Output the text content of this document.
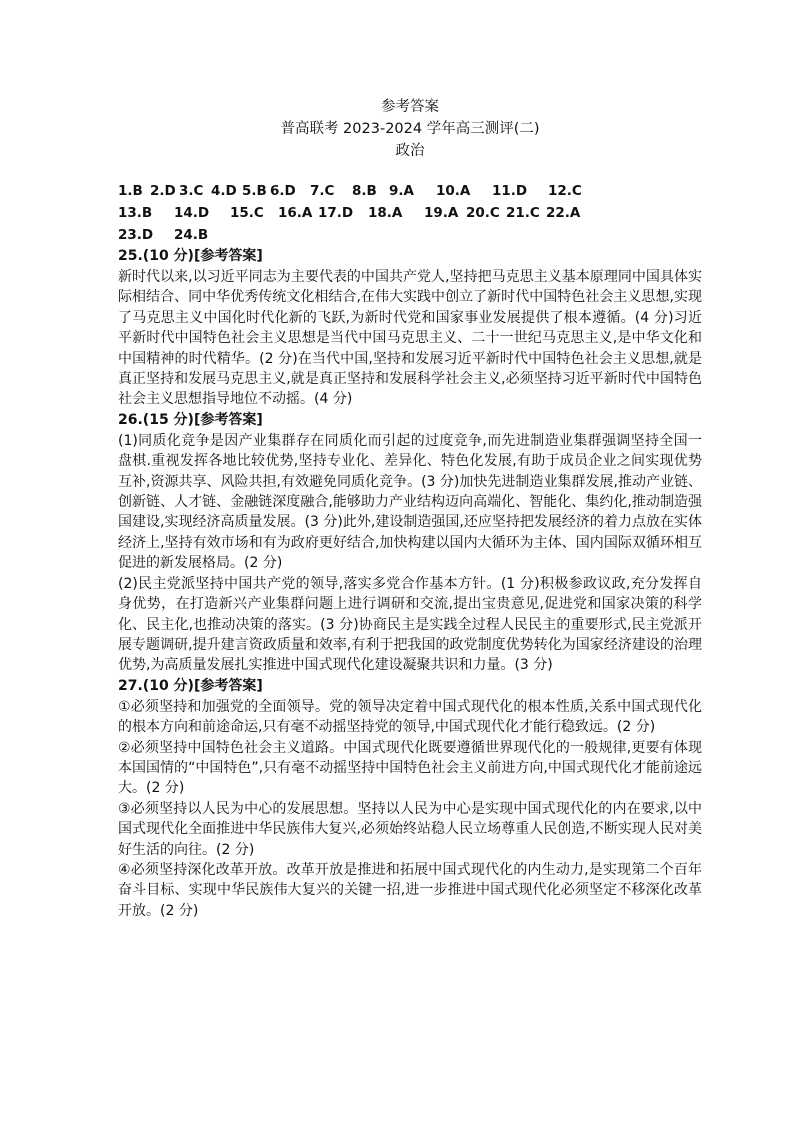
参考答案
普高联考 2023-2024 学年高三测评(二)
政治
1.B 2.D 3.C 4.D 5.B 6.D 7.C 8.B 9.A 10.A 11.D 12.C
13.B 14.D 15.C 16.A 17.D 18.A 19.A 20.C 21.C 22.A
23.D 24.B
25.(10 分)[参考答案]
新时代以来,以习近平同志为主要代表的中国共产党人,坚持把马克思主义基本原理同中国具体实际相结合、同中华优秀传统文化相结合,在伟大实践中创立了新时代中国特色社会主义思想,实现了马克思主义中国化时代化新的飞跃,为新时代党和国家事业发展提供了根本遵循。(4 分)习近平新时代中国特色社会主义思想是当代中国马克思主义、二十一世纪马克思主义,是中华文化和中国精神的时代精华。(2 分)在当代中国,坚持和发展习近平新时代中国特色社会主义思想,就是真正坚持和发展马克思主义,就是真正坚持和发展科学社会主义,必须坚持习近平新时代中国特色社会主义思想指导地位不动摇。(4 分)
26.(15 分)[参考答案]
(1)同质化竞争是因产业集群存在同质化而引起的过度竞争,而先进制造业集群强调坚持全国一盘棋.重视发挥各地比较优势,坚持专业化、差异化、特色化发展,有助于成员企业之间实现优势互补,资源共享、风险共担,有效避免同质化竞争。(3 分)加快先进制造业集群发展,推动产业链、创新链、人才链、金融链深度融合,能够助力产业结构迈向高端化、智能化、集约化,推动制造强国建设,实现经济高质量发展。(3 分)此外,建设制造强国,还应坚持把发展经济的着力点放在实体经济上,坚持有效市场和有为政府更好结合,加快构建以国内大循环为主体、国内国际双循环相互促进的新发展格局。(2 分)
(2)民主党派坚持中国共产党的领导,落实多党合作基本方针。(1 分)积极参政议政,充分发挥自身优势，在打造新兴产业集群问题上进行调研和交流,提出宝贵意见,促进党和国家决策的科学化、民主化,也推动决策的落实。(3 分)协商民主是实践全过程人民民主的重要形式,民主党派开展专题调研,提升建言资政质量和效率,有利于把我国的政党制度优势转化为国家经济建设的治理优势,为高质量发展扎实推进中国式现代化建设凝聚共识和力量。(3 分)
27.(10 分)[参考答案]
①必须坚持和加强党的全面领导。党的领导决定着中国式现代化的根本性质,关系中国式现代化的根本方向和前途命运,只有毫不动摇坚持党的领导,中国式现代化才能行稳致远。(2 分)
②必须坚持中国特色社会主义道路。中国式现代化既要遵循世界现代化的一般规律,更要有体现本国国情的“中国特色”,只有毫不动摇坚持中国特色社会主义前进方向,中国式现代化才能前途远大。(2 分)
③必须坚持以人民为中心的发展思想。坚持以人民为中心是实现中国式现代化的内在要求,以中国式现代化全面推进中华民族伟大复兴,必须始终站稳人民立场尊重人民创造,不断实现人民对美好生活的向往。(2 分)
④必须坚持深化改革开放。改革开放是推进和拓展中国式现代化的内生动力,是实现第二个百年奋斗目标、实现中华民族伟大复兴的关键一招,进一步推进中国式现代化必须坚定不移深化改革开放。(2 分)
